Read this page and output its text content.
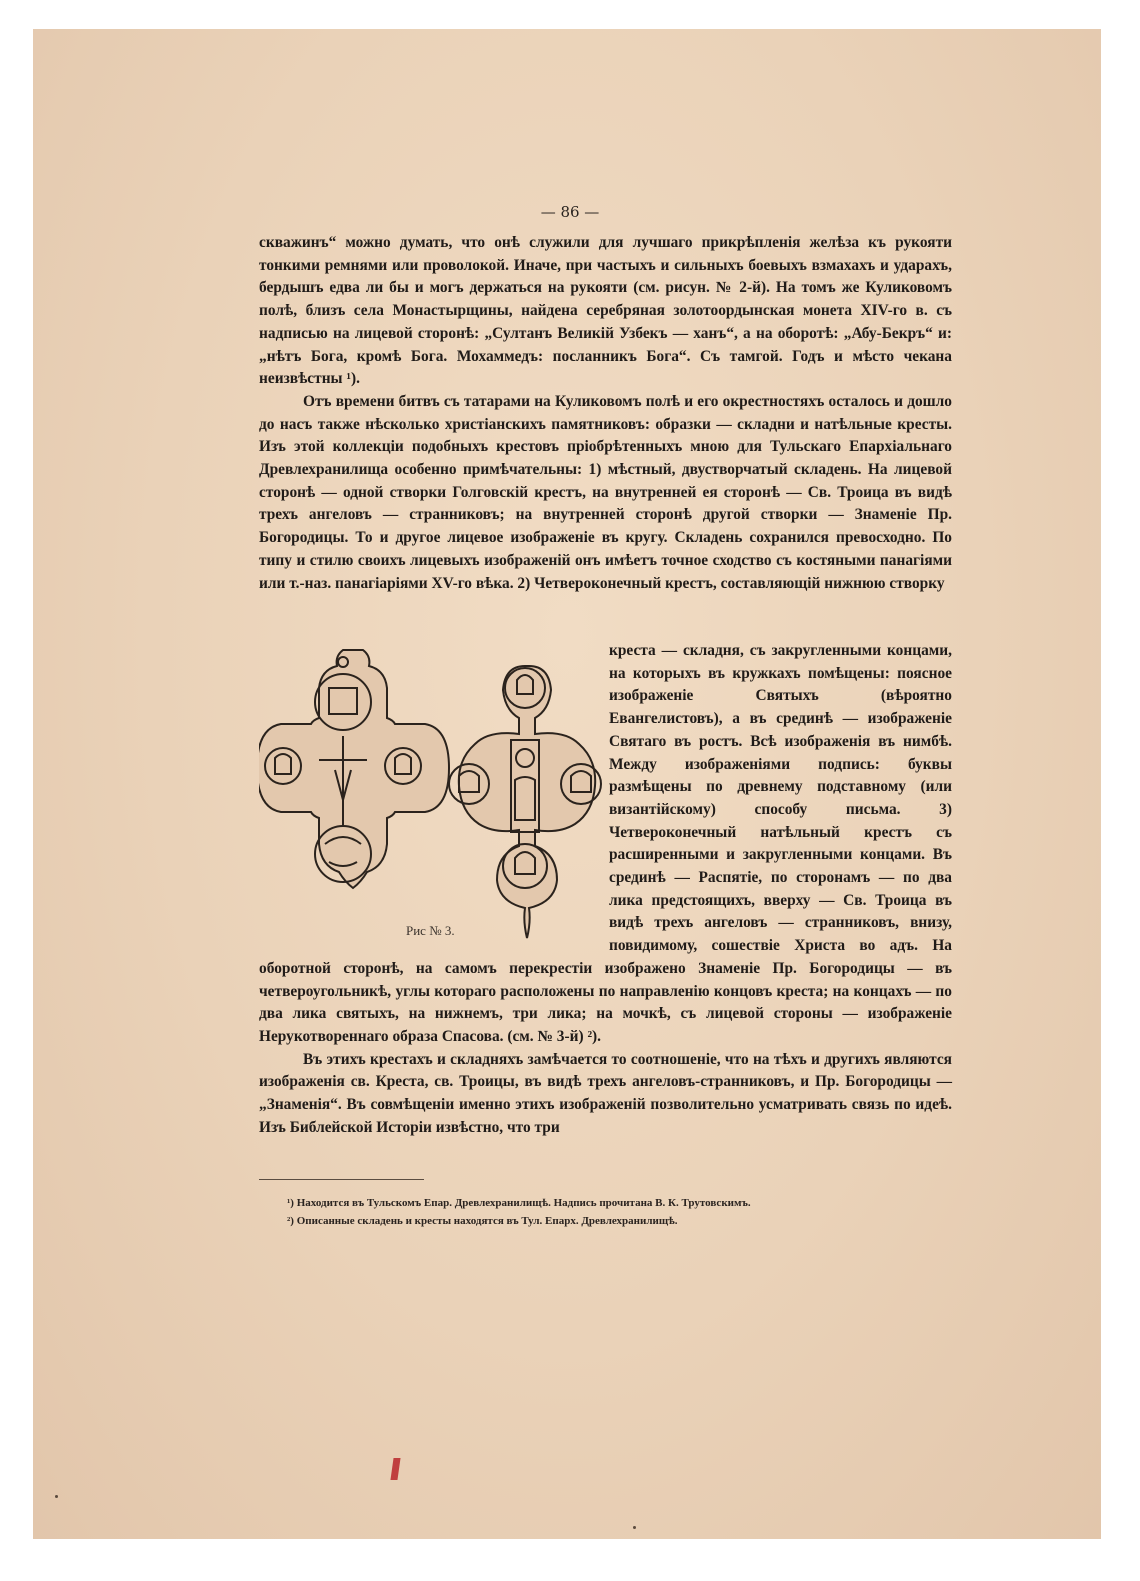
— 86 —

скважинъ“ можно думать, что онѣ служили для лучшаго прикрѣпленія желѣза къ рукояти тонкими ремнями или проволокой. Иначе, при частыхъ и сильныхъ боевыхъ взмахахъ и ударахъ, бердышъ едва ли бы и могъ держаться на рукояти (см. рисун. № 2-й). На томъ же Куликовомъ полѣ, близъ села Монастырщины, найдена серебряная золотоордынская монета XIV-го в. съ надписью на лицевой сторонѣ: „Султанъ Великій Узбекъ — ханъ“, а на оборотѣ: „Абу-Бекръ“ и: „нѣтъ Бога, кромѣ Бога. Мохаммедъ: посланникъ Бога“. Съ тамгой. Годъ и мѣсто чекана неизвѣстны ¹).

Отъ времени битвъ съ татарами на Куликовомъ полѣ и его окрестностяхъ осталось и дошло до насъ также нѣсколько христіанскихъ памятниковъ: образки — складни и натѣльные кресты. Изъ этой коллекціи подобныхъ крестовъ пріобрѣтенныхъ мною для Тульскаго Епархіальнаго Древлехранилища особенно примѣчательны: 1) мѣстный, двустворчатый складень. На лицевой сторонѣ — одной створки Голговскій крестъ, на внутренней ея сторонѣ — Св. Троица въ видѣ трехъ ангеловъ — странниковъ; на внутренней сторонѣ другой створки — Знаменіе Пр. Богородицы. То и другое лицевое изображеніе въ кругу. Складень сохранился превосходно. По типу и стилю своихъ лицевыхъ изображеній онъ имѣетъ точное сходство съ костяными панагіями или т.-наз. панагіаріями XV-го вѣка. 2) Четвероконечный крестъ, составляющій нижнюю створку

Рис № 3.

креста — складня, съ закругленными концами, на которыхъ въ кружкахъ помѣщены: поясное изображеніе Святыхъ (вѣроятно Евангелистовъ), а въ срединѣ — изображеніе Святаго въ ростъ. Всѣ изображенія въ нимбѣ. Между изображеніями подпись: буквы размѣщены по древнему подставному (или византійскому) способу письма. 3) Четвероконечный натѣльный крестъ съ расширенными и закругленными концами. Въ срединѣ — Распятіе, по сторонамъ — по два лика предстоящихъ, вверху — Св. Троица въ видѣ трехъ ангеловъ — странниковъ, внизу, повидимому, сошествіе Христа во адъ. На оборотной сторонѣ, на самомъ перекрестіи изображено Знаменіе Пр. Богородицы — въ четвероугольникѣ, углы котораго расположены по направленію концовъ креста; на концахъ — по два лика святыхъ, на нижнемъ, три лика; на мочкѣ, съ лицевой стороны — изображеніе Нерукотвореннаго образа Спасова. (см. № 3-й) ²).

Въ этихъ крестахъ и складняхъ замѣчается то соотношеніе, что на тѣхъ и другихъ являются изображенія св. Креста, св. Троицы, въ видѣ трехъ ангеловъ-странниковъ, и Пр. Богородицы — „Знаменія“. Въ совмѣщеніи именно этихъ изображеній позволительно усматривать связь по идеѣ. Изъ Библейской Исторіи извѣстно, что три

¹) Находится въ Тульскомъ Епар. Древлехранилищѣ. Надпись прочитана В. К. Трутовскимъ.
²) Описанные складень и кресты находятся въ Тул. Епарх. Древлехранилищѣ.
